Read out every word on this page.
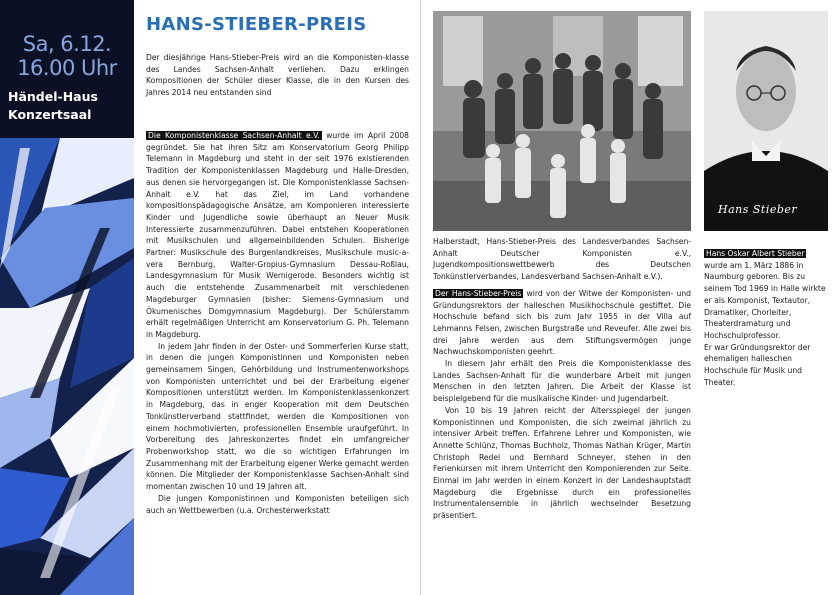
Sa, 6.12.
16.00 Uhr
Händel-Haus
Konzertsaal
HANS-STIEBER-PREIS

Der diesjährige Hans-Stieber-Preis wird an die Komponisten-klasse des Landes Sachsen-Anhalt verliehen. Dazu erklingen Kompositionen der Schüler dieser Klasse, die in den Kursen des Jahres 2014 neu entstanden sind

Die Komponistenklasse Sachsen-Anhalt e.V. wurde im April 2008 gegründet. Sie hat ihren Sitz am Konservatorium Georg Philipp Telemann in Magdeburg und steht in der seit 1976 existierenden Tradition der Komponistenklassen Magdeburg und Halle-Dresden, aus denen sie hervorgegangen ist. Die Komponistenklasse Sachsen-Anhalt e.V. hat das Ziel, im Land vorhandene kompositionspädagogische Ansätze, am Komponieren interessierte Kinder und Jugendliche sowie überhaupt an Neuer Musik Interessierte zusammenzuführen. Dabei entstehen Kooperationen mit Musikschulen und allgemeinbildenden Schulen. Bisherige Partner: Musikschule des Burgenlandkreises, Musikschule music-a-vera Bernburg, Walter-Gropius-Gymnasium Dessau-Roßlau, Landesgymnasium für Musik Wernigerode. Besonders wichtig ist auch die entstehende Zusammenarbeit mit verschiedenen Magdeburger Gymnasien (bisher: Siemens-Gymnasium und Ökumenisches Domgymnasium Magdeburg). Der Schülerstamm erhält regelmäßigen Unterricht am Konservatorium G. Ph. Telemann in Magdeburg.

In jedem Jahr finden in der Oster- und Sommerferien Kurse statt, in denen die jungen Komponistinnen und Komponisten neben gemeinsamem Singen, Gehörbildung und Instrumentenworkshops von Komponisten unterrichtet und bei der Erarbeitung eigener Kompositionen unterstützt werden. Im Komponistenklassenkonzert in Magdeburg, das in enger Kooperation mit dem Deutschen Tonkünstlerverband stattfindet, werden die Kompositionen von einem hochmotivierten, professionellen Ensemble uraufgeführt. In Vorbereitung des Jahreskonzertes findet ein umfangreicher Probenworkshop statt, wo die so wichtigen Erfahrungen im Zusammenhang mit der Erarbeitung eigener Werke gemacht werden können. Die Mitglieder der Komponistenklasse Sachsen-Anhalt sind momentan zwischen 10 und 19 Jahren alt.

Die jungen Komponistinnen und Komponisten beteiligen sich auch an Wettbewerben (u.a. Orchesterwerkstatt

Hans Stieber

Halberstadt, Hans-Stieber-Preis des Landesverbandes Sachsen-Anhalt Deutscher Komponisten e.V., Jugendkompositionswettbewerb des Deutschen Tonkünstlerverbandes, Landesverband Sachsen-Anhalt e.V.).

Der Hans-Stieber-Preis wird von der Witwe der Komponisten- und Gründungsrektors der halleschen Musikhochschule gestiftet. Die Hochschule befand sich bis zum Jahr 1955 in der Villa auf Lehmanns Felsen, zwischen Burgstraße und Reveufer. Alle zwei bis drei Jahre werden aus dem Stiftungsvermögen junge Nachwuchskomponisten geehrt.

In diesem Jahr erhält den Preis die Komponistenklasse des Landes Sachsen-Anhalt für die wunderbare Arbeit mit jungen Menschen in den letzten Jahren. Die Arbeit der Klasse ist beispielgebend für die musikalische Kinder- und Jugendarbeit.

Von 10 bis 19 Jahren reicht der Altersspiegel der jungen Komponistinnen und Komponisten, die sich zweimal jährlich zu intensiver Arbeit treffen. Erfahrene Lehrer und Komponisten, wie Annette Schlünz, Thomas Buchholz, Thomas Nathan Krüger, Martin Christoph Redel und Bernhard Schneyer, stehen in den Ferienkursen mit ihrem Unterricht den Komponierenden zur Seite. Einmal im Jahr werden in einem Konzert in der Landeshauptstadt Magdeburg die Ergebnisse durch ein professionelles Instrumentalensemble in jährlich wechselnder Besetzung präsentiert.

Hans Oskar Albert Stieber wurde am 1. März 1886 in Naumburg geboren. Bis zu seinem Tod 1969 in Halle wirkte er als Komponist, Textautor, Dramatiker, Chorleiter, Theaterdramaturg und Hochschulprofessor.

Er war Gründungsrektor der ehemaligen halleschen Hochschule für Musik und Theater.
